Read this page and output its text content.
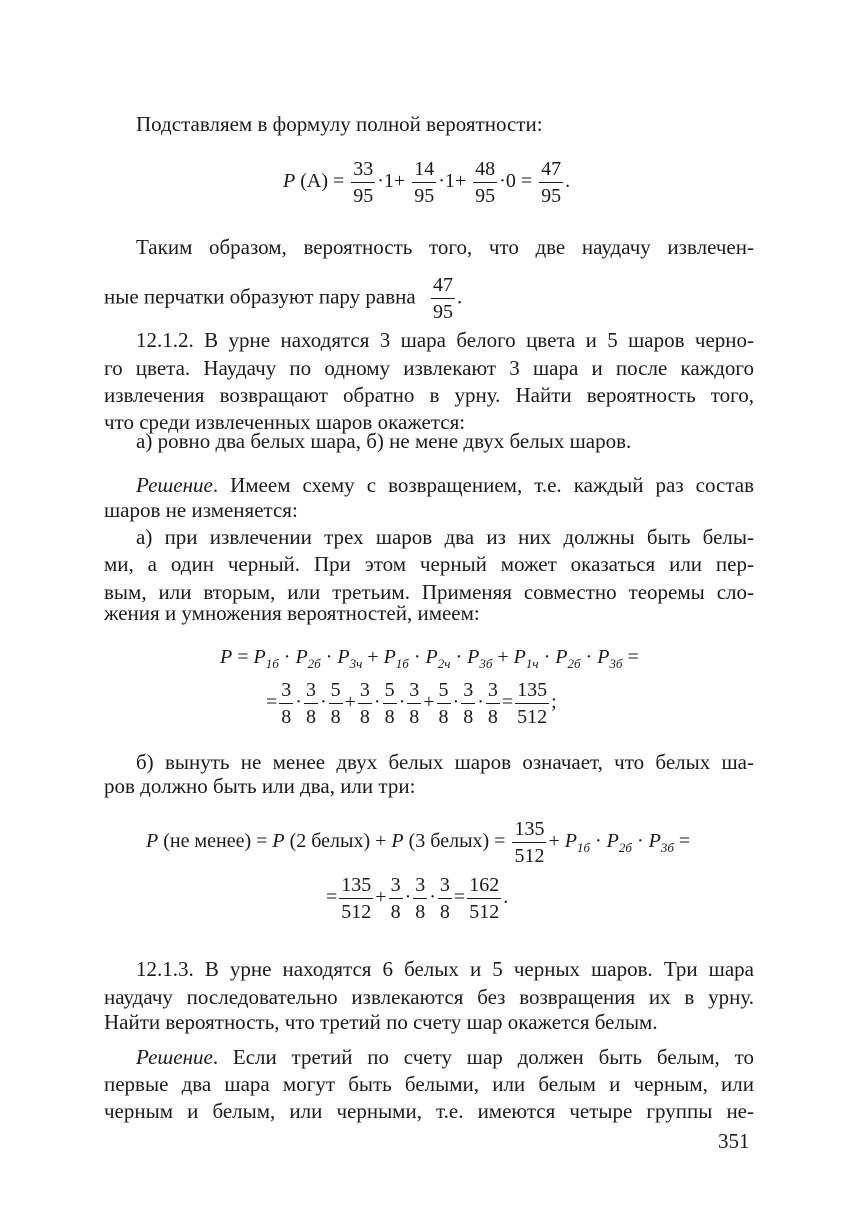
Подставляем в формулу полной вероятности:
P $(A) = \frac{33}{95} \cdot 1+ \frac{14}{95} \cdot 1+ \frac{48}{95} \cdot 0 = \frac{47}{95}$ .
Таким образом, вероятность того, что две наудачу извлечен-
ные перчатки образуют пару равна $\frac{47}{95}$ .
12.1.2. В урне находятся 3 шара белого цвета и 5 шаров черно-
го цвета. Наудачу по одному извлекают 3 шара и после каждого
извлечения возвращают обратно в урну. Найти вероятность того,
что среди извлеченных шаров окажется:
а) ровно два белых шара, б) не мене двух белых шаров.
Решение. Имеем схему с возвращением, т.е. каждый раз состав
шаров не изменяется:
а) при извлечении трех шаров два из них должны быть белы-
ми, а один черный. При этом черный может оказаться или пер-
вым, или вторым, или третьим. Применяя совместно теоремы сло-
жения и умножения вероятностей, имеем:
$P = P_{1б} \cdot P_{2б} \cdot P_{3ч} + P_{1б} \cdot P_{2ч} \cdot P_{3б} + P_{1ч} \cdot P_{2б} \cdot P_{3б}$ =
= $\frac{3}{8} \cdot \frac{3}{8} \cdot \frac{5}{8} + \frac{3}{8} \cdot \frac{5}{8} \cdot \frac{3}{8} + \frac{5}{8} \cdot \frac{3}{8} \cdot \frac{3}{8} = \frac{135}{512}$ ;
б) вынуть не менее двух белых шаров означает, что белых ша-
ров должно быть или два, или три:
P (не менее) = P (2 белых) + P (3 белых) = $\frac{135}{512} + P_{1б} \cdot P_{2б} \cdot P_{3б}$ =
= $\frac{135}{512} + \frac{3}{8} \cdot \frac{3}{8} \cdot \frac{3}{8} = \frac{162}{512}$ .
12.1.3. В урне находятся 6 белых и 5 черных шаров. Три шара
наудачу последовательно извлекаются без возвращения их в урну.
Найти вероятность, что третий по счету шар окажется белым.
Решение. Если третий по счету шар должен быть белым, то
первые два шара могут быть белыми, или белым и черным, или
черным и белым, или черными, т.е. имеются четыре группы не-
351
